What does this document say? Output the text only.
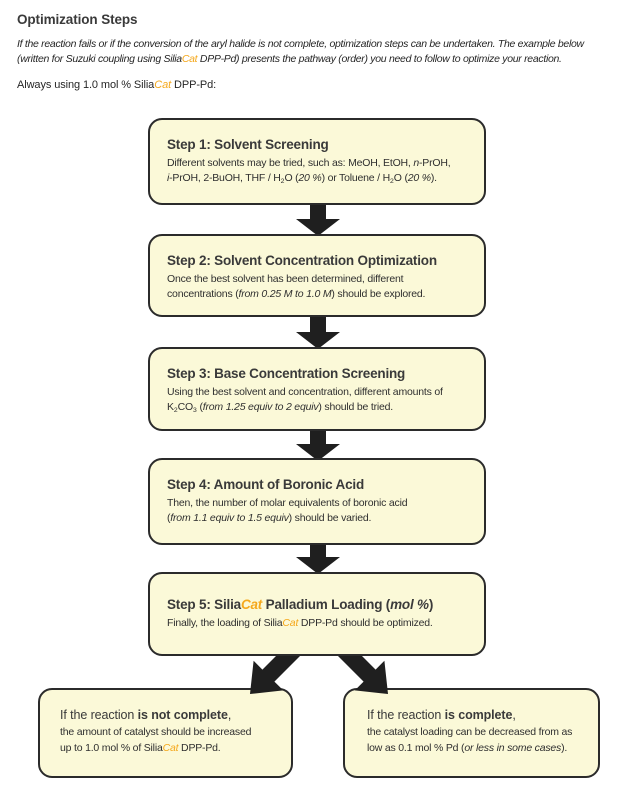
Optimization Steps
If the reaction fails or if the conversion of the aryl halide is not complete, optimization steps can be undertaken. The example below
(written for Suzuki coupling using SiliaCat DPP-Pd) presents the pathway (order) you need to follow to optimize your reaction.
Always using 1.0 mol % SiliaCat DPP-Pd:
Step 1: Solvent Screening
Different solvents may be tried, such as: MeOH, EtOH, n-PrOH,
i-PrOH, 2-BuOH, THF / H2O (20 %) or Toluene / H2O (20 %).
Step 2: Solvent Concentration Optimization
Once the best solvent has been determined, different
concentrations (from 0.25 M to 1.0 M) should be explored.
Step 3: Base Concentration Screening
Using the best solvent and concentration, different amounts of
K2CO3 (from 1.25 equiv to 2 equiv) should be tried.
Step 4: Amount of Boronic Acid
Then, the number of molar equivalents of boronic acid
(from 1.1 equiv to 1.5 equiv) should be varied.
Step 5: SiliaCat Palladium Loading (mol %)
Finally, the loading of SiliaCat DPP-Pd should be optimized.
If the reaction is not complete,
the amount of catalyst should be increased
up to 1.0 mol % of SiliaCat DPP-Pd.
If the reaction is complete,
the catalyst loading can be decreased from as
low as 0.1 mol % Pd (or less in some cases).
